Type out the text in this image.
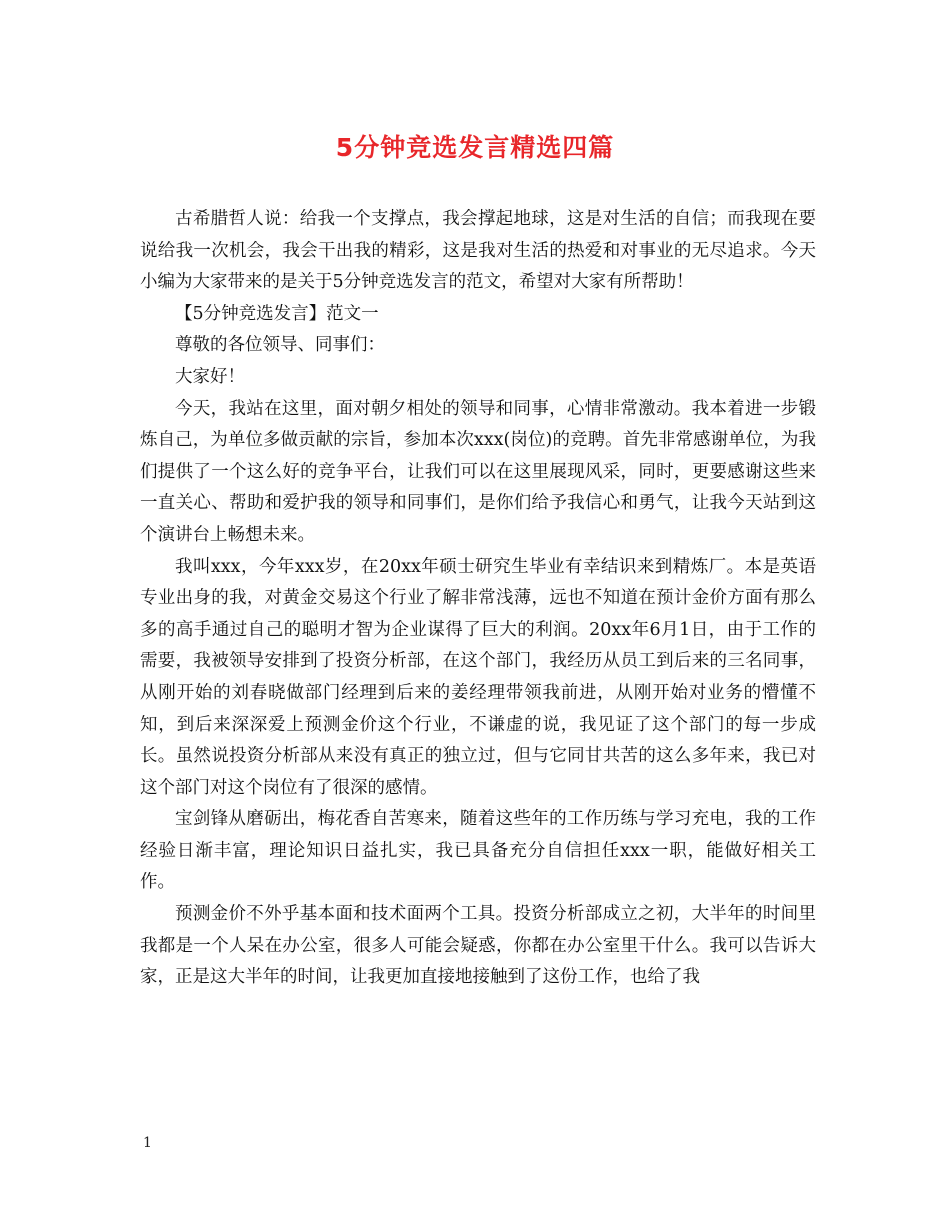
5分钟竞选发言精选四篇

古希腊哲人说：给我一个支撑点，我会撑起地球，这是对生活的自信；而我现在要说给我一次机会，我会干出我的精彩，这是我对生活的热爱和对事业的无尽追求。今天小编为大家带来的是关于5分钟竞选发言的范文，希望对大家有所帮助！

【5分钟竞选发言】范文一

尊敬的各位领导、同事们：

大家好！

今天，我站在这里，面对朝夕相处的领导和同事，心情非常激动。我本着进一步锻炼自己，为单位多做贡献的宗旨，参加本次xxx(岗位)的竞聘。首先非常感谢单位，为我们提供了一个这么好的竞争平台，让我们可以在这里展现风采，同时，更要感谢这些来一直关心、帮助和爱护我的领导和同事们，是你们给予我信心和勇气，让我今天站到这个演讲台上畅想未来。

我叫xxx，今年xxx岁，在20xx年硕士研究生毕业有幸结识来到精炼厂。本是英语专业出身的我，对黄金交易这个行业了解非常浅薄，远也不知道在预计金价方面有那么多的高手通过自己的聪明才智为企业谋得了巨大的利润。20xx年6月1日，由于工作的需要，我被领导安排到了投资分析部，在这个部门，我经历从员工到后来的三名同事，从刚开始的刘春晓做部门经理到后来的姜经理带领我前进，从刚开始对业务的懵懂不知，到后来深深爱上预测金价这个行业，不谦虚的说，我见证了这个部门的每一步成长。虽然说投资分析部从来没有真正的独立过，但与它同甘共苦的这么多年来，我已对这个部门对这个岗位有了很深的感情。

宝剑锋从磨砺出，梅花香自苦寒来，随着这些年的工作历练与学习充电，我的工作经验日渐丰富，理论知识日益扎实，我已具备充分自信担任xxx一职，能做好相关工作。

预测金价不外乎基本面和技术面两个工具。投资分析部成立之初，大半年的时间里我都是一个人呆在办公室，很多人可能会疑惑，你都在办公室里干什么。我可以告诉大家，正是这大半年的时间，让我更加直接地接触到了这份工作，也给了我

1
